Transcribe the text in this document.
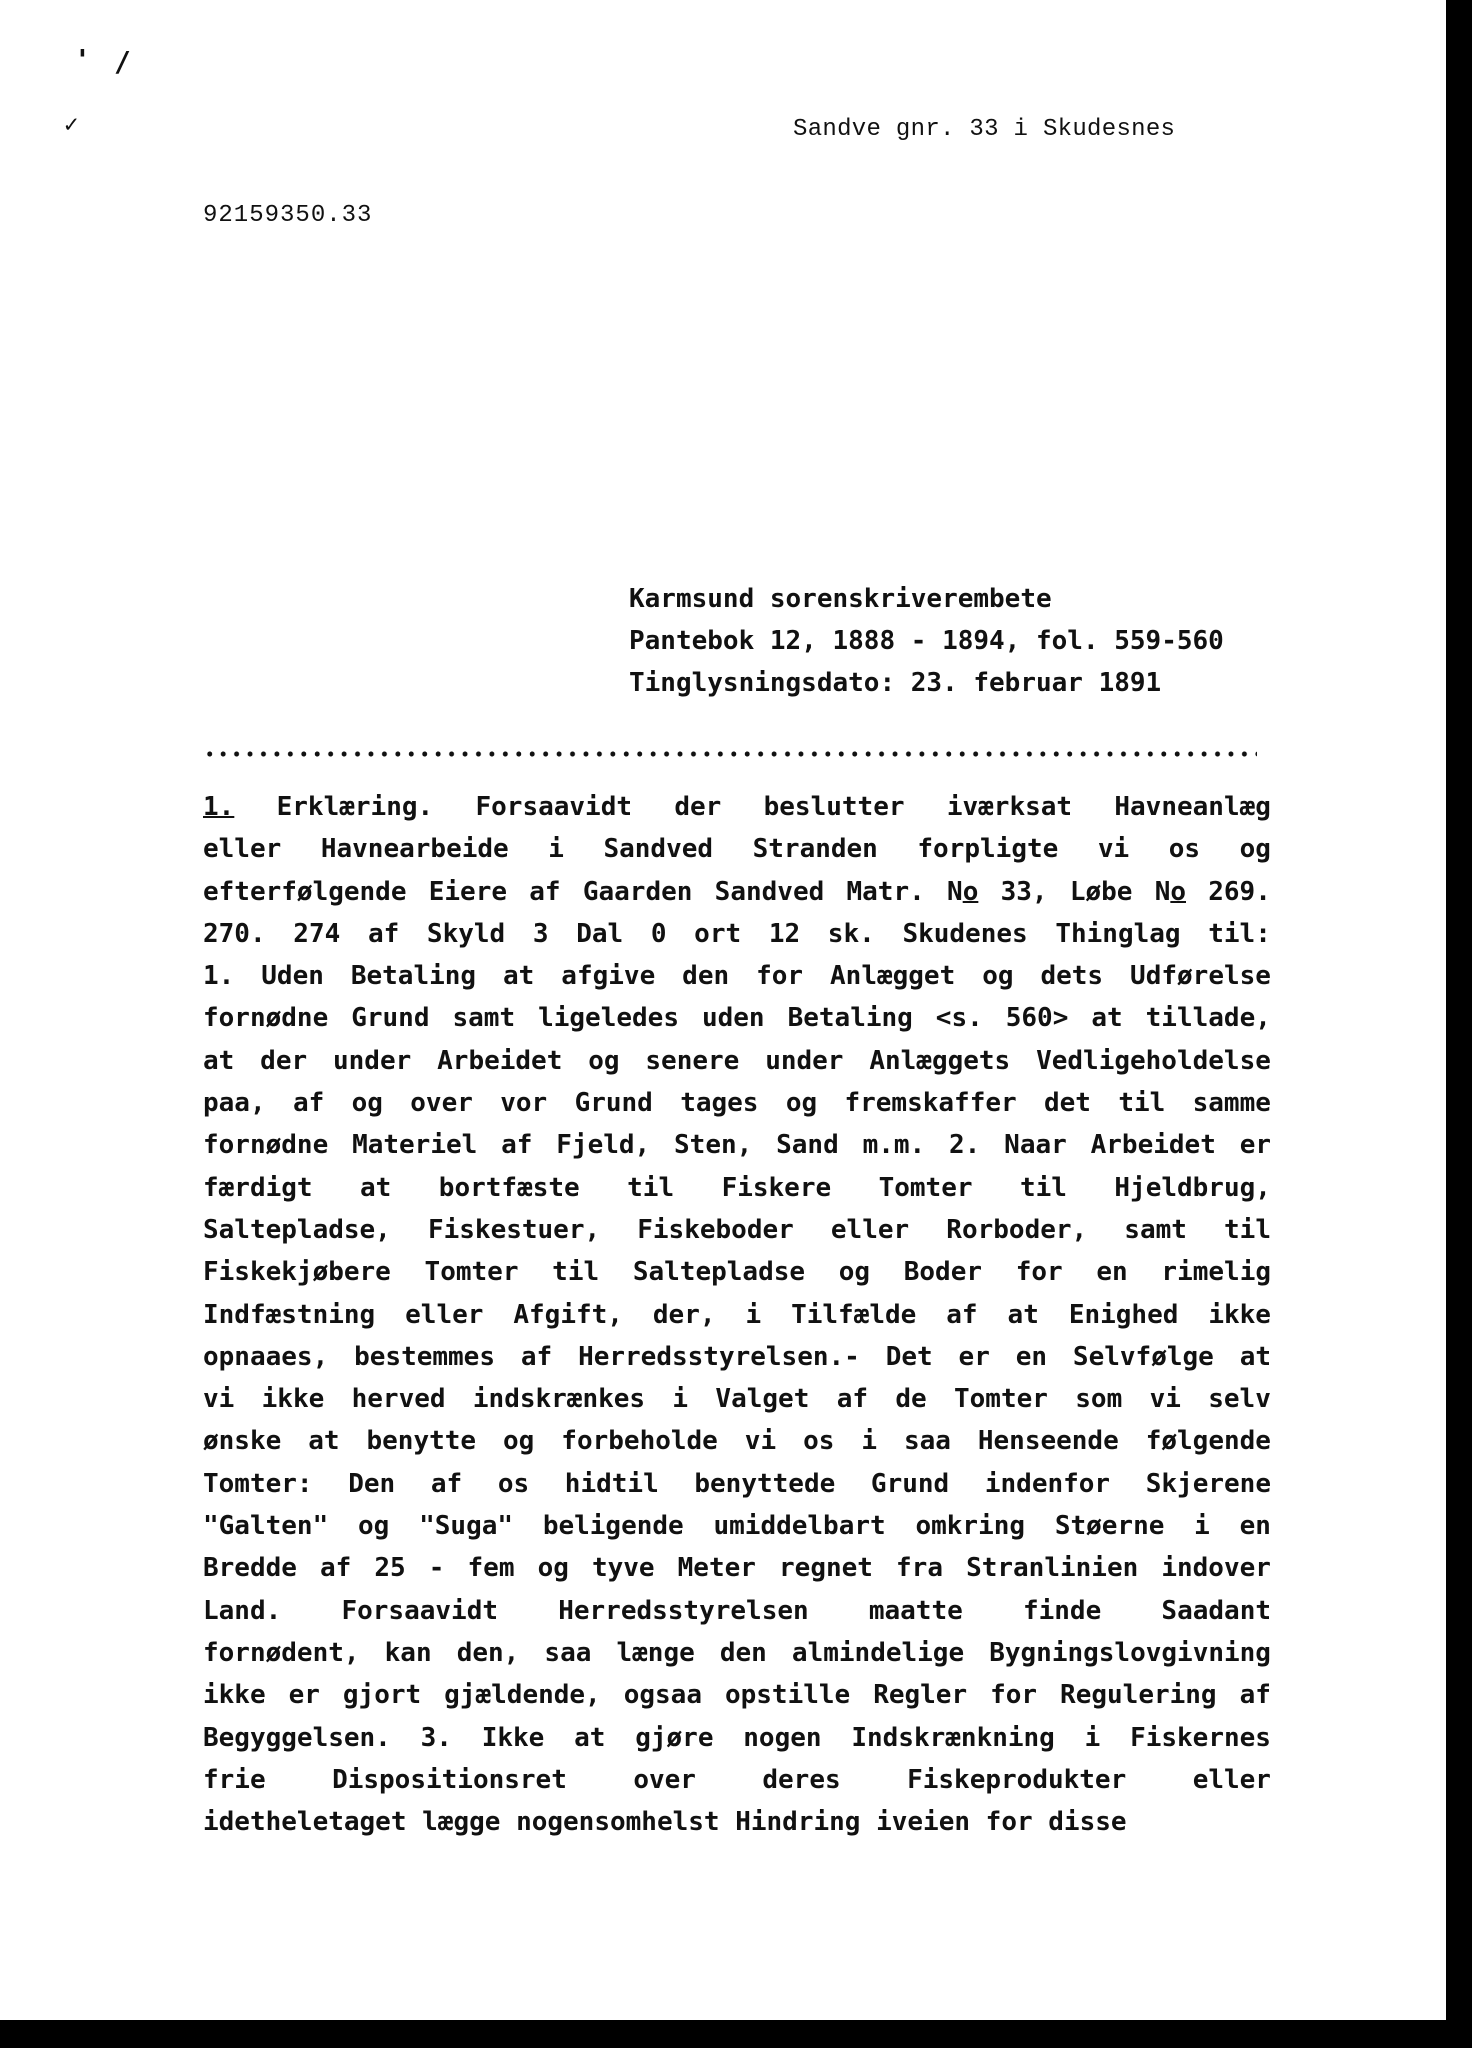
' /
✓	Sandve gnr. 33 i Skudesnes
92159350.33
Karmsund sorenskriverembete
Pantebok 12, 1888 - 1894, fol. 559-560
Tinglysningsdato: 23. februar 1891
1. Erklæring. Forsaavidt der beslutter iværksat Havneanlæg
eller Havnearbeide i Sandved Stranden forpligte vi os og
efterfølgende Eiere af Gaarden Sandved Matr. No 33, Løbe No 269.
270. 274 af Skyld 3 Dal 0 ort 12 sk. Skudenes Thinglag til:
1. Uden Betaling at afgive den for Anlægget og dets Udførelse
fornødne Grund samt ligeledes uden Betaling <s. 560> at tillade,
at der under Arbeidet og senere under Anlæggets Vedligeholdelse
paa, af og over vor Grund tages og fremskaffer det til samme
fornødne Materiel af Fjeld, Sten, Sand m.m. 2. Naar Arbeidet er
færdigt at bortfæste til Fiskere Tomter til Hjeldbrug,
Saltepladse, Fiskestuer, Fiskeboder eller Rorboder, samt til
Fiskekjøbere Tomter til Saltepladse og Boder for en rimelig
Indfæstning eller Afgift, der, i Tilfælde af at Enighed ikke
opnaaes, bestemmes af Herredsstyrelsen.- Det er en Selvfølge at
vi ikke herved indskrænkes i Valget af de Tomter som vi selv
ønske at benytte og forbeholde vi os i saa Henseende følgende
Tomter: Den af os hidtil benyttede Grund indenfor Skjerene
"Galten" og "Suga" beligende umiddelbart omkring Støerne i en
Bredde af 25 - fem og tyve Meter regnet fra Stranlinien indover
Land. Forsaavidt Herredsstyrelsen maatte finde Saadant
fornødent, kan den, saa længe den almindelige Bygningslovgivning
ikke er gjort gjældende, ogsaa opstille Regler for Regulering af
Begyggelsen. 3. Ikke at gjøre nogen Indskrænkning i Fiskernes
frie	Dispositionsret	over	deres	Fiskeprodukter	eller
idetheletaget lægge nogensomhelst Hindring iveien for disse
